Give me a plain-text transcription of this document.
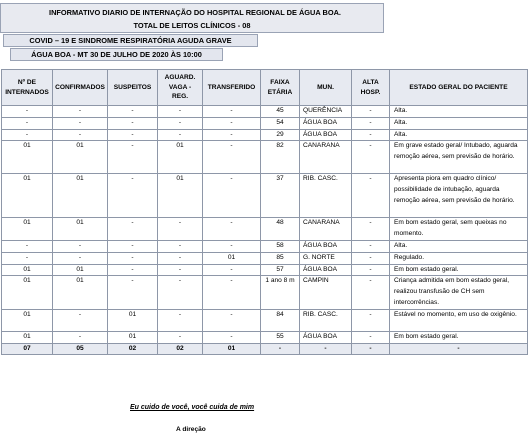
INFORMATIVO DIARIO DE INTERNAÇÃO DO HOSPITAL REGIONAL DE ÁGUA BOA.
TOTAL DE LEITOS CLÍNICOS - 08
COVID – 19 E SINDROME RESPIRATÓRIA AGUDA GRAVE
ÁGUA BOA - MT 30 DE JULHO DE 2020 ÀS 10:00
Nº DE INTERNADOS	CONFIRMADOS	SUSPEITOS	AGUARD. VAGA - REG.	TRANSFERIDO	FAIXA ETÁRIA	MUN.	ALTA HOSP.	ESTADO GERAL DO PACIENTE
-	-	-	-	-	45	QUERÊNCIA	-	Alta.
-	-	-	-	-	54	ÁGUA BOA	-	Alta.
-	-	-	-	-	29	ÁGUA BOA	-	Alta.
01	01	-	01	-	82	CANARANA	-	Em grave estado geral/ Intubado, aguarda remoção aérea, sem previsão de horário.
01	01	-	01	-	37	RIB. CASC.	-	Apresenta piora em quadro clínico/ possibilidade de intubação, aguarda remoção aérea, sem previsão de horário.
01	01	-	-	-	48	CANARANA	-	Em bom estado geral, sem queixas no momento.
-	-	-	-	-	58	ÁGUA BOA	-	Alta.
-	-	-	-	01	85	G. NORTE	-	Regulado.
01	01	-	-	-	57	ÁGUA BOA	-	Em bom estado geral.
01	01	-	-	-	1 ano 8 m	CAMPIN	-	Criança admitida em bom estado geral, realizou transfusão de CH sem intercorrências.
01	-	01	-	-	84	RIB. CASC.	-	Estável no momento, em uso de oxigênio.
01	-	01	-	-	55	ÁGUA BOA	-	Em bom estado geral.
07	05	02	02	01	-	-	-	-
Eu cuido de você, você cuida de mim
A direção
